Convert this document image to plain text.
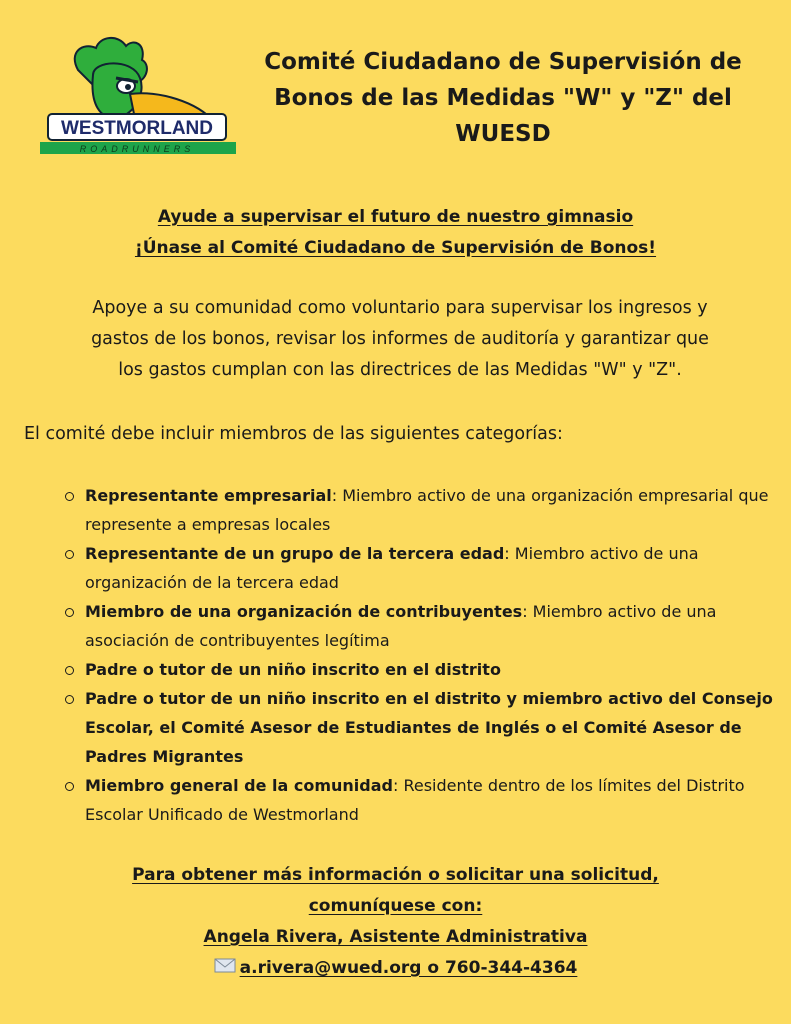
WESTMORLAND
ROADRUNNERS
Comité Ciudadano de Supervisión de
Bonos de las Medidas "W" y "Z" del
WUESD
Ayude a supervisar el futuro de nuestro gimnasio
¡Únase al Comité Ciudadano de Supervisión de Bonos!
Apoye a su comunidad como voluntario para supervisar los ingresos y
gastos de los bonos, revisar los informes de auditoría y garantizar que
los gastos cumplan con las directrices de las Medidas "W" y "Z".
El comité debe incluir miembros de las siguientes categorías:
Representante empresarial: Miembro activo de una organización empresarial que represente a empresas locales
Representante de un grupo de la tercera edad: Miembro activo de una organización de la tercera edad
Miembro de una organización de contribuyentes: Miembro activo de una asociación de contribuyentes legítima
Padre o tutor de un niño inscrito en el distrito
Padre o tutor de un niño inscrito en el distrito y miembro activo del Consejo Escolar, el Comité Asesor de Estudiantes de Inglés o el Comité Asesor de Padres Migrantes
Miembro general de la comunidad: Residente dentro de los límites del Distrito Escolar Unificado de Westmorland
Para obtener más información o solicitar una solicitud,
comuníquese con:
Angela Rivera, Asistente Administrativa
a.rivera@wued.org o 760-344-4364
